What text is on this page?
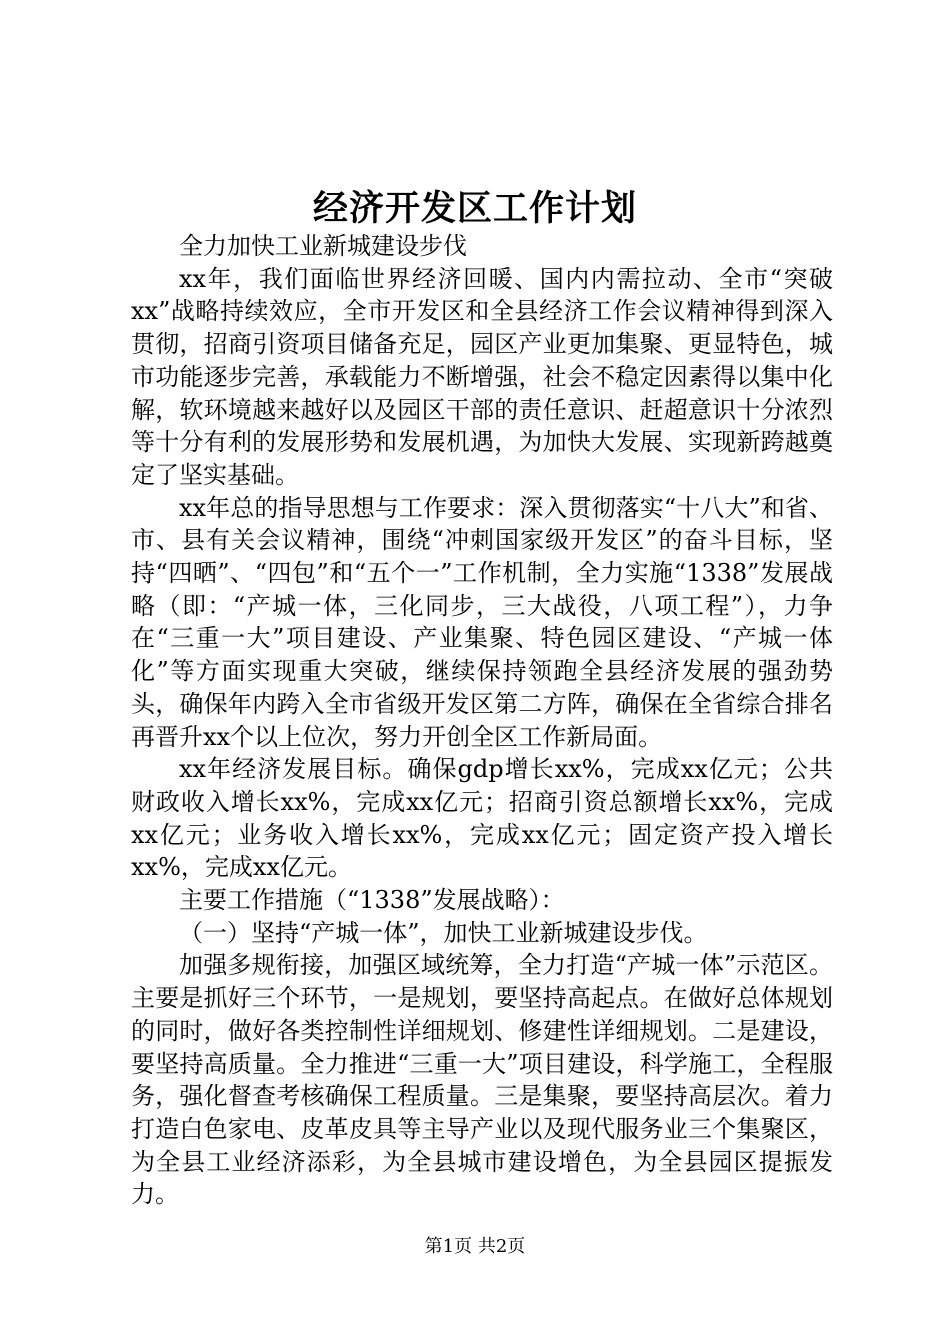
经济开发区工作计划

全力加快工业新城建设步伐

xx年，我们面临世界经济回暖、国内内需拉动、全市“突破xx”战略持续效应，全市开发区和全县经济工作会议精神得到深入贯彻，招商引资项目储备充足，园区产业更加集聚、更显特色，城市功能逐步完善，承载能力不断增强，社会不稳定因素得以集中化解，软环境越来越好以及园区干部的责任意识、赶超意识十分浓烈等十分有利的发展形势和发展机遇，为加快大发展、实现新跨越奠定了坚实基础。

xx年总的指导思想与工作要求：深入贯彻落实“十八大”和省、市、县有关会议精神，围绕“冲刺国家级开发区”的奋斗目标，坚持“四晒”、“四包”和“五个一”工作机制，全力实施“1338”发展战略（即：“产城一体，三化同步，三大战役，八项工程”），力争在“三重一大”项目建设、产业集聚、特色园区建设、“产城一体化”等方面实现重大突破，继续保持领跑全县经济发展的强劲势头，确保年内跨入全市省级开发区第二方阵，确保在全省综合排名再晋升xx个以上位次，努力开创全区工作新局面。

xx年经济发展目标。确保gdp增长xx%，完成xx亿元；公共财政收入增长xx%，完成xx亿元；招商引资总额增长xx%，完成xx亿元；业务收入增长xx%，完成xx亿元；固定资产投入增长xx%，完成xx亿元。

主要工作措施（“1338”发展战略）：

（一）坚持“产城一体”，加快工业新城建设步伐。

加强多规衔接，加强区域统筹，全力打造“产城一体”示范区。主要是抓好三个环节，一是规划，要坚持高起点。在做好总体规划的同时，做好各类控制性详细规划、修建性详细规划。二是建设，要坚持高质量。全力推进“三重一大”项目建设，科学施工，全程服务，强化督查考核确保工程质量。三是集聚，要坚持高层次。着力打造白色家电、皮革皮具等主导产业以及现代服务业三个集聚区，为全县工业经济添彩，为全县城市建设增色，为全县园区提振发力。

第1页 共2页
